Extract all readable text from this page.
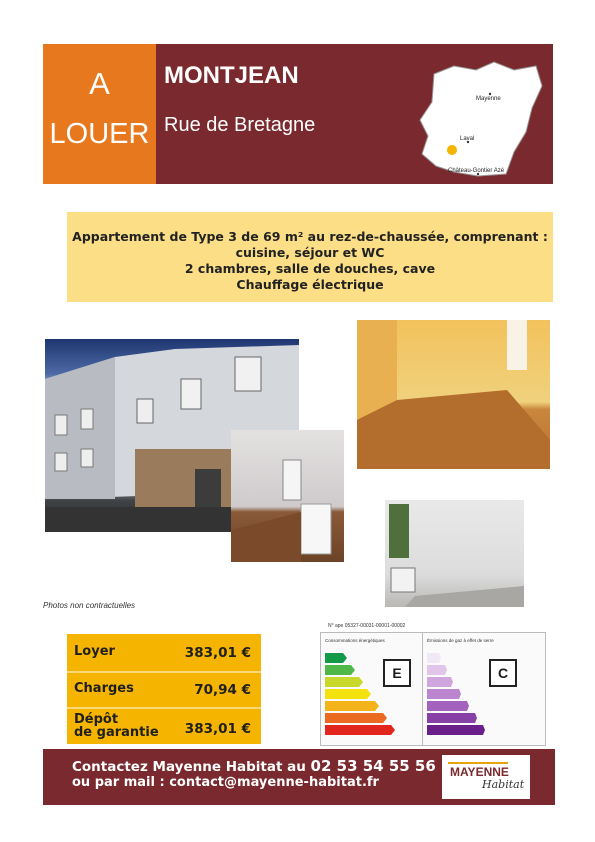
A
LOUER
MONTJEAN
Rue de Bretagne
Mayenne
Laval
Château-Gontier Azé
Appartement de Type 3 de 69 m² au rez-de-chaussée, comprenant :
cuisine, séjour et WC
2 chambres, salle de douches, cave
Chauffage électrique
Photos non contractuelles
Loyer	383,01 €
Charges	70,94 €
Dépôt
de garantie 383,01 €
N° ape 05327-00031-00001-00002
Consommations énergétiques
E
Émissions de gaz à effet de serre
C
Contactez Mayenne Habitat au 02 53 54 55 56
ou par mail : contact@mayenne-habitat.fr
MAYENNE
Habitat
